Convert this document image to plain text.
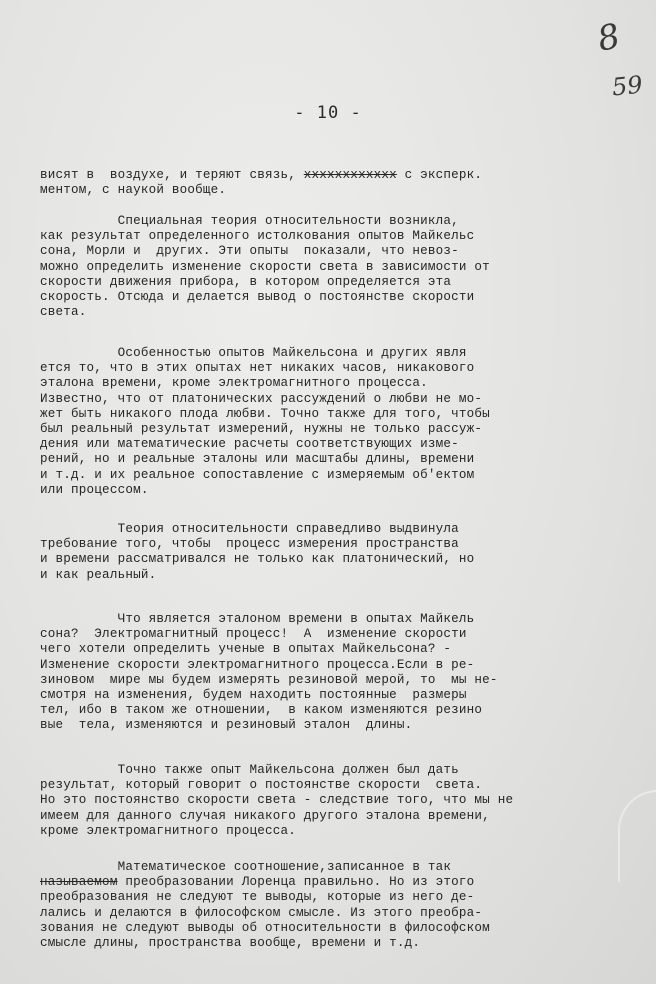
8
59
- 10 -
висят в  воздухе, и теряют связь, хххххххххххх с эксперк.
ментом, с наукой вообще.
Специальная теория относительности возникла,
как результат определенного истолкования опытов Майкельс
сона, Морли и  других. Эти опыты  показали, что невоз-
можно определить изменение скорости света в зависимости от
скорости движения прибора, в котором определяется эта
скорость. Отсюда и делается вывод о постоянстве скорости
света.
Особенностью опытов Майкельсона и других явля
ется то, что в этих опытах нет никаких часов, никакового
эталона времени, кроме электромагнитного процесса.
Известно, что от платонических рассуждений о любви не мо-
жет быть никакого плода любви. Точно также для того, чтобы
был реальный результат измерений, нужны не только рассуж-
дения или математические расчеты соответствующих изме-
рений, но и реальные эталоны или масштабы длины, времени
и т.д. и их реальное сопоставление с измеряемым об'ектом
или процессом.
Теория относительности справедливо выдвинула
требование того, чтобы  процесс измерения пространства
и времени рассматривался не только как платонический, но
и как реальный.
Что является эталоном времени в опытах Майкель
сона?  Электромагнитный процесс!  А  изменение скорости
чего хотели определить ученые в опытах Майкельсона? -
Изменение скорости электромагнитного процесса.Если в ре-
зиновом  мире мы будем измерять резиновой мерой, то  мы не-
смотря на изменения, будем находить постоянные  размеры
тел, ибо в таком же отношении,  в каком изменяются резино
вые  тела, изменяются и резиновый эталон  длины.
Точно также опыт Майкельсона должен был дать
результат, который говорит о постоянстве скорости  света.
Но это постоянство скорости света - следствие того, что мы не
имеем для данного случая никакого другого эталона времени,
кроме электромагнитного процесса.
Математическое соотношение,записанное в так
называемом преобразовании Лоренца правильно. Но из этого
преобразования не следуют те выводы, которые из него де-
лались и делаются в философском смысле. Из этого преобра-
зования не следуют выводы об относительности в философском
смысле длины, пространства вообще, времени и т.д.
